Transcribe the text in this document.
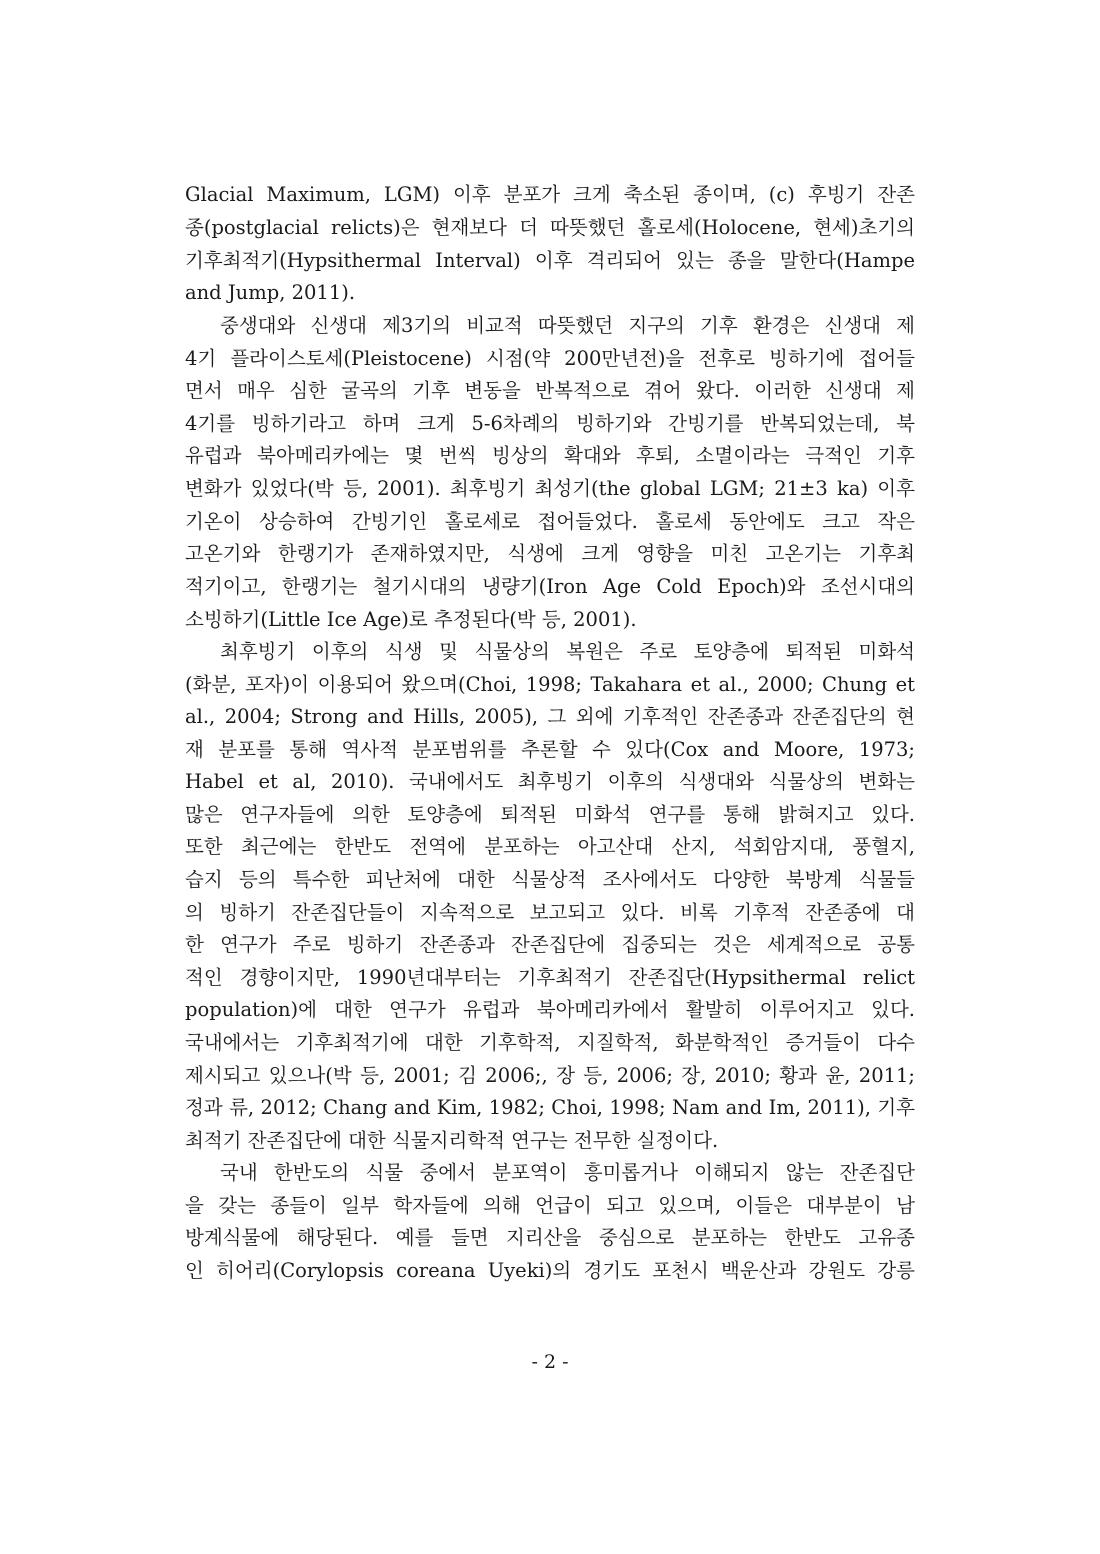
Glacial Maximum, LGM) 이후 분포가 크게 축소된 종이며, (c) 후빙기 잔존
종(postglacial relicts)은 현재보다 더 따뜻했던 홀로세(Holocene, 현세)초기의
기후최적기(Hypsithermal Interval) 이후 격리되어 있는 종을 말한다(Hampe
and Jump, 2011).
중생대와 신생대 제3기의 비교적 따뜻했던 지구의 기후 환경은 신생대 제
4기 플라이스토세(Pleistocene) 시점(약 200만년전)을 전후로 빙하기에 접어들
면서 매우 심한 굴곡의 기후 변동을 반복적으로 겪어 왔다. 이러한 신생대 제
4기를 빙하기라고 하며 크게 5-6차례의 빙하기와 간빙기를 반복되었는데, 북
유럽과 북아메리카에는 몇 번씩 빙상의 확대와 후퇴, 소멸이라는 극적인 기후
변화가 있었다(박 등, 2001). 최후빙기 최성기(the global LGM; 21±3 ka) 이후
기온이 상승하여 간빙기인 홀로세로 접어들었다. 홀로세 동안에도 크고 작은
고온기와 한랭기가 존재하였지만, 식생에 크게 영향을 미친 고온기는 기후최
적기이고, 한랭기는 철기시대의 냉량기(Iron Age Cold Epoch)와 조선시대의
소빙하기(Little Ice Age)로 추정된다(박 등, 2001).
최후빙기 이후의 식생 및 식물상의 복원은 주로 토양층에 퇴적된 미화석
(화분, 포자)이 이용되어 왔으며(Choi, 1998; Takahara et al., 2000; Chung et
al., 2004; Strong and Hills, 2005), 그 외에 기후적인 잔존종과 잔존집단의 현
재 분포를 통해 역사적 분포범위를 추론할 수 있다(Cox and Moore, 1973;
Habel et al, 2010). 국내에서도 최후빙기 이후의 식생대와 식물상의 변화는
많은 연구자들에 의한 토양층에 퇴적된 미화석 연구를 통해 밝혀지고 있다.
또한 최근에는 한반도 전역에 분포하는 아고산대 산지, 석회암지대, 풍혈지,
습지 등의 특수한 피난처에 대한 식물상적 조사에서도 다양한 북방계 식물들
의 빙하기 잔존집단들이 지속적으로 보고되고 있다. 비록 기후적 잔존종에 대
한 연구가 주로 빙하기 잔존종과 잔존집단에 집중되는 것은 세계적으로 공통
적인 경향이지만, 1990년대부터는 기후최적기 잔존집단(Hypsithermal relict
population)에 대한 연구가 유럽과 북아메리카에서 활발히 이루어지고 있다.
국내에서는 기후최적기에 대한 기후학적, 지질학적, 화분학적인 증거들이 다수
제시되고 있으나(박 등, 2001; 김 2006;, 장 등, 2006; 장, 2010; 황과 윤, 2011;
정과 류, 2012; Chang and Kim, 1982; Choi, 1998; Nam and Im, 2011), 기후
최적기 잔존집단에 대한 식물지리학적 연구는 전무한 실정이다.
국내 한반도의 식물 중에서 분포역이 흥미롭거나 이해되지 않는 잔존집단
을 갖는 종들이 일부 학자들에 의해 언급이 되고 있으며, 이들은 대부분이 남
방계식물에 해당된다. 예를 들면 지리산을 중심으로 분포하는 한반도 고유종
인 히어리(Corylopsis coreana Uyeki)의 경기도 포천시 백운산과 강원도 강릉
- 2 -
